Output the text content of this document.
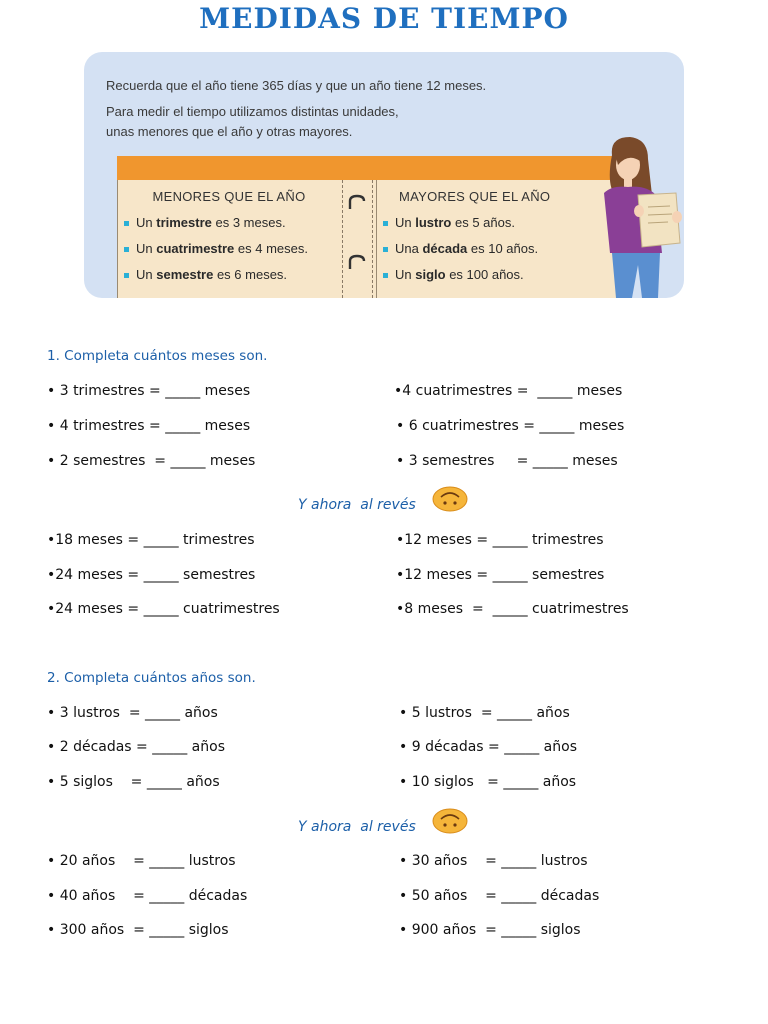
MEDIDAS DE TIEMPO
Recuerda que el año tiene 365 días y que un año tiene 12 meses.
Para medir el tiempo utilizamos distintas unidades,
unas menores que el año y otras mayores.
MENORES QUE EL AÑO
Un trimestre es 3 meses.
Un cuatrimestre es 4 meses.
Un semestre es 6 meses.
MAYORES QUE EL AÑO
Un lustro es 5 años.
Una década es 10 años.
Un siglo es 100 años.
1. Completa cuántos meses son.
• 3 trimestres = _____ meses	•4 cuatrimestres =  _____ meses
• 4 trimestres = _____ meses	• 6 cuatrimestres = _____ meses
• 2 semestres  = _____ meses	• 3 semestres     = _____ meses
Y ahora  al revés
•18 meses = _____ trimestres	•12 meses = _____ trimestres
•24 meses = _____ semestres	•12 meses = _____ semestres
•24 meses = _____ cuatrimestres	•8 meses  =  _____ cuatrimestres
2. Completa cuántos años son.
• 3 lustros  = _____ años	• 5 lustros  = _____ años
• 2 décadas = _____ años	• 9 décadas = _____ años
• 5 siglos    = _____ años	• 10 siglos   = _____ años
Y ahora  al revés
• 20 años    = _____ lustros	• 30 años    = _____ lustros
• 40 años    = _____ décadas	• 50 años    = _____ décadas
• 300 años  = _____ siglos	• 900 años  = _____ siglos
